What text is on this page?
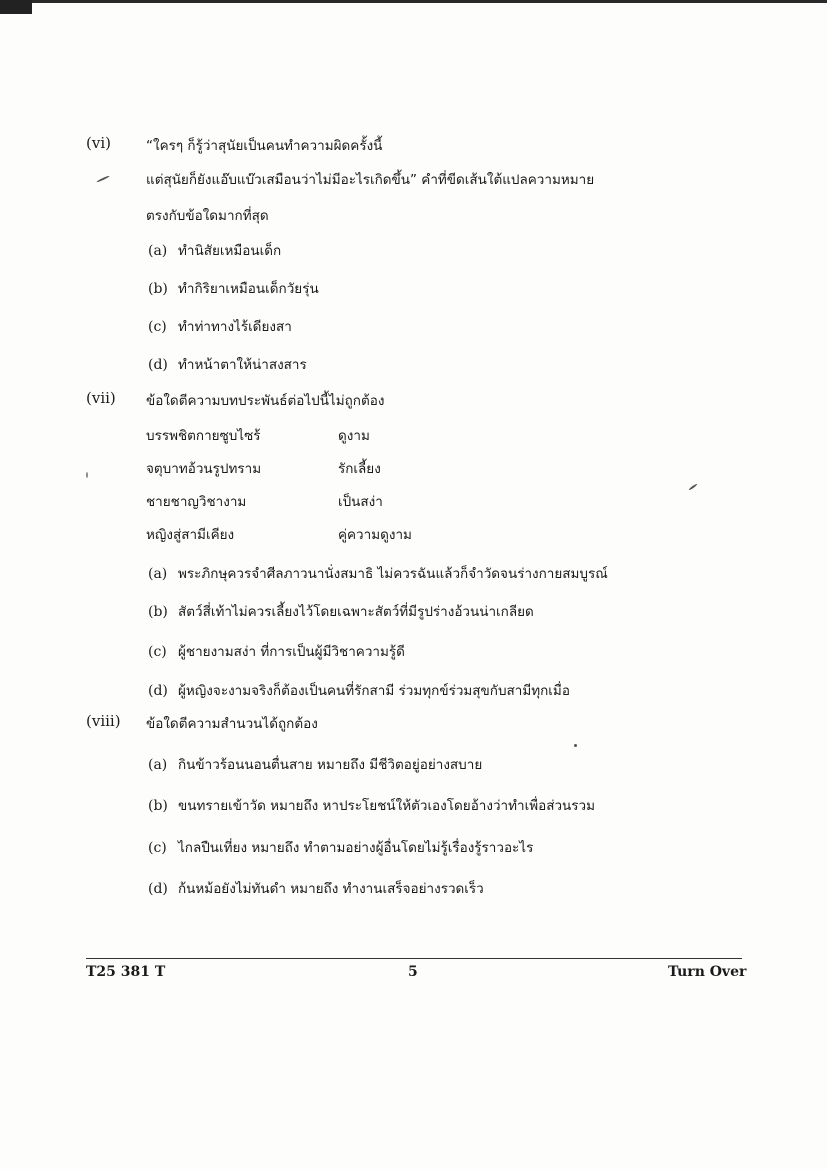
(vi)	“ใครๆ ก็รู้ว่าสุนัยเป็นคนทำความผิดครั้งนี้
แต่สุนัยก็ยังแอ๊บแบ๊วเสมือนว่าไม่มีอะไรเกิดขึ้น” คำที่ขีดเส้นใต้แปลความหมาย
ตรงกับข้อใดมากที่สุด
(a) ทำนิสัยเหมือนเด็ก
(b) ทำกิริยาเหมือนเด็กวัยรุ่น
(c) ทำท่าทางไร้เดียงสา
(d) ทำหน้าตาให้น่าสงสาร
(vii) ข้อใดตีความบทประพันธ์ต่อไปนี้ไม่ถูกต้อง
บรรพชิตกายซูบไซร้	ดูงาม
จตุบาทอ้วนรูปทราม	รักเลี้ยง
ชายชาญวิชางาม	เป็นสง่า
หญิงสู่สามีเคียง	คู่ความดูงาม
(a) พระภิกษุควรจำศีลภาวนานั่งสมาธิ ไม่ควรฉันแล้วก็จำวัดจนร่างกายสมบูรณ์
(b) สัตว์สี่เท้าไม่ควรเลี้ยงไว้โดยเฉพาะสัตว์ที่มีรูปร่างอ้วนน่าเกลียด
(c) ผู้ชายงามสง่า ที่การเป็นผู้มีวิชาความรู้ดี
(d) ผู้หญิงจะงามจริงก็ต้องเป็นคนที่รักสามี ร่วมทุกข์ร่วมสุขกับสามีทุกเมื่อ
(viii) ข้อใดตีความสำนวนได้ถูกต้อง
(a) กินข้าวร้อนนอนตื่นสาย หมายถึง มีชีวิตอยู่อย่างสบาย
(b) ขนทรายเข้าวัด หมายถึง หาประโยชน์ให้ตัวเองโดยอ้างว่าทำเพื่อส่วนรวม
(c) ไกลปืนเที่ยง หมายถึง ทำตามอย่างผู้อื่นโดยไม่รู้เรื่องรู้ราวอะไร
(d) ก้นหม้อยังไม่ทันดำ หมายถึง ทำงานเสร็จอย่างรวดเร็ว
T25 381 T	5	Turn Over
